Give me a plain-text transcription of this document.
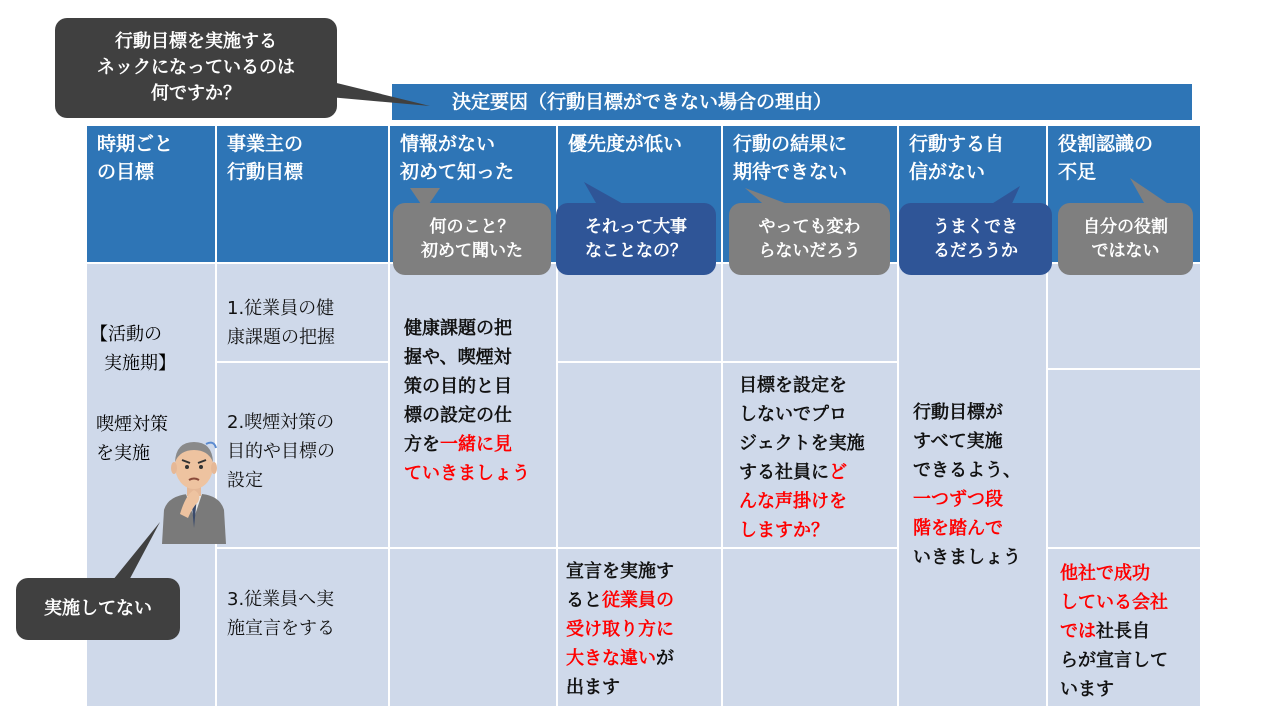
決定要因（行動目標ができない場合の理由）
時期ごと
の目標
事業主の
行動目標
情報がない
初めて知った
優先度が低い	行動の結果に
期待できない
行動する自
信がない
役割認識の
不足
1.従業員の健
康課題の把握
2.喫煙対策の
目的や目標の
設定
3.従業員へ実
施宣言をする
健康課題の把
握や、喫煙対
策の目的と目
標の設定の仕
方を一緒に見
ていきましょう
宣言を実施す
ると従業員の
受け取り方に
大きな違いが
出ます
目標を設定を
しないでプロ
ジェクトを実施
する社員にど
んな声掛けを
しますか？
行動目標が
すべて実施
できるよう、
一つずつ段
階を踏んで
いきましょう
他社で成功
している会社
では社長自
らが宣言して
います
【活動の
実施期】
喫煙対策
を実施
行動目標を実施する
ネックになっているのは
何ですか？
何のこと？
初めて聞いた
それって大事
なことなの？
やっても変わ
らないだろう
うまくでき
るだろうか
自分の役割
ではない
実施してない
